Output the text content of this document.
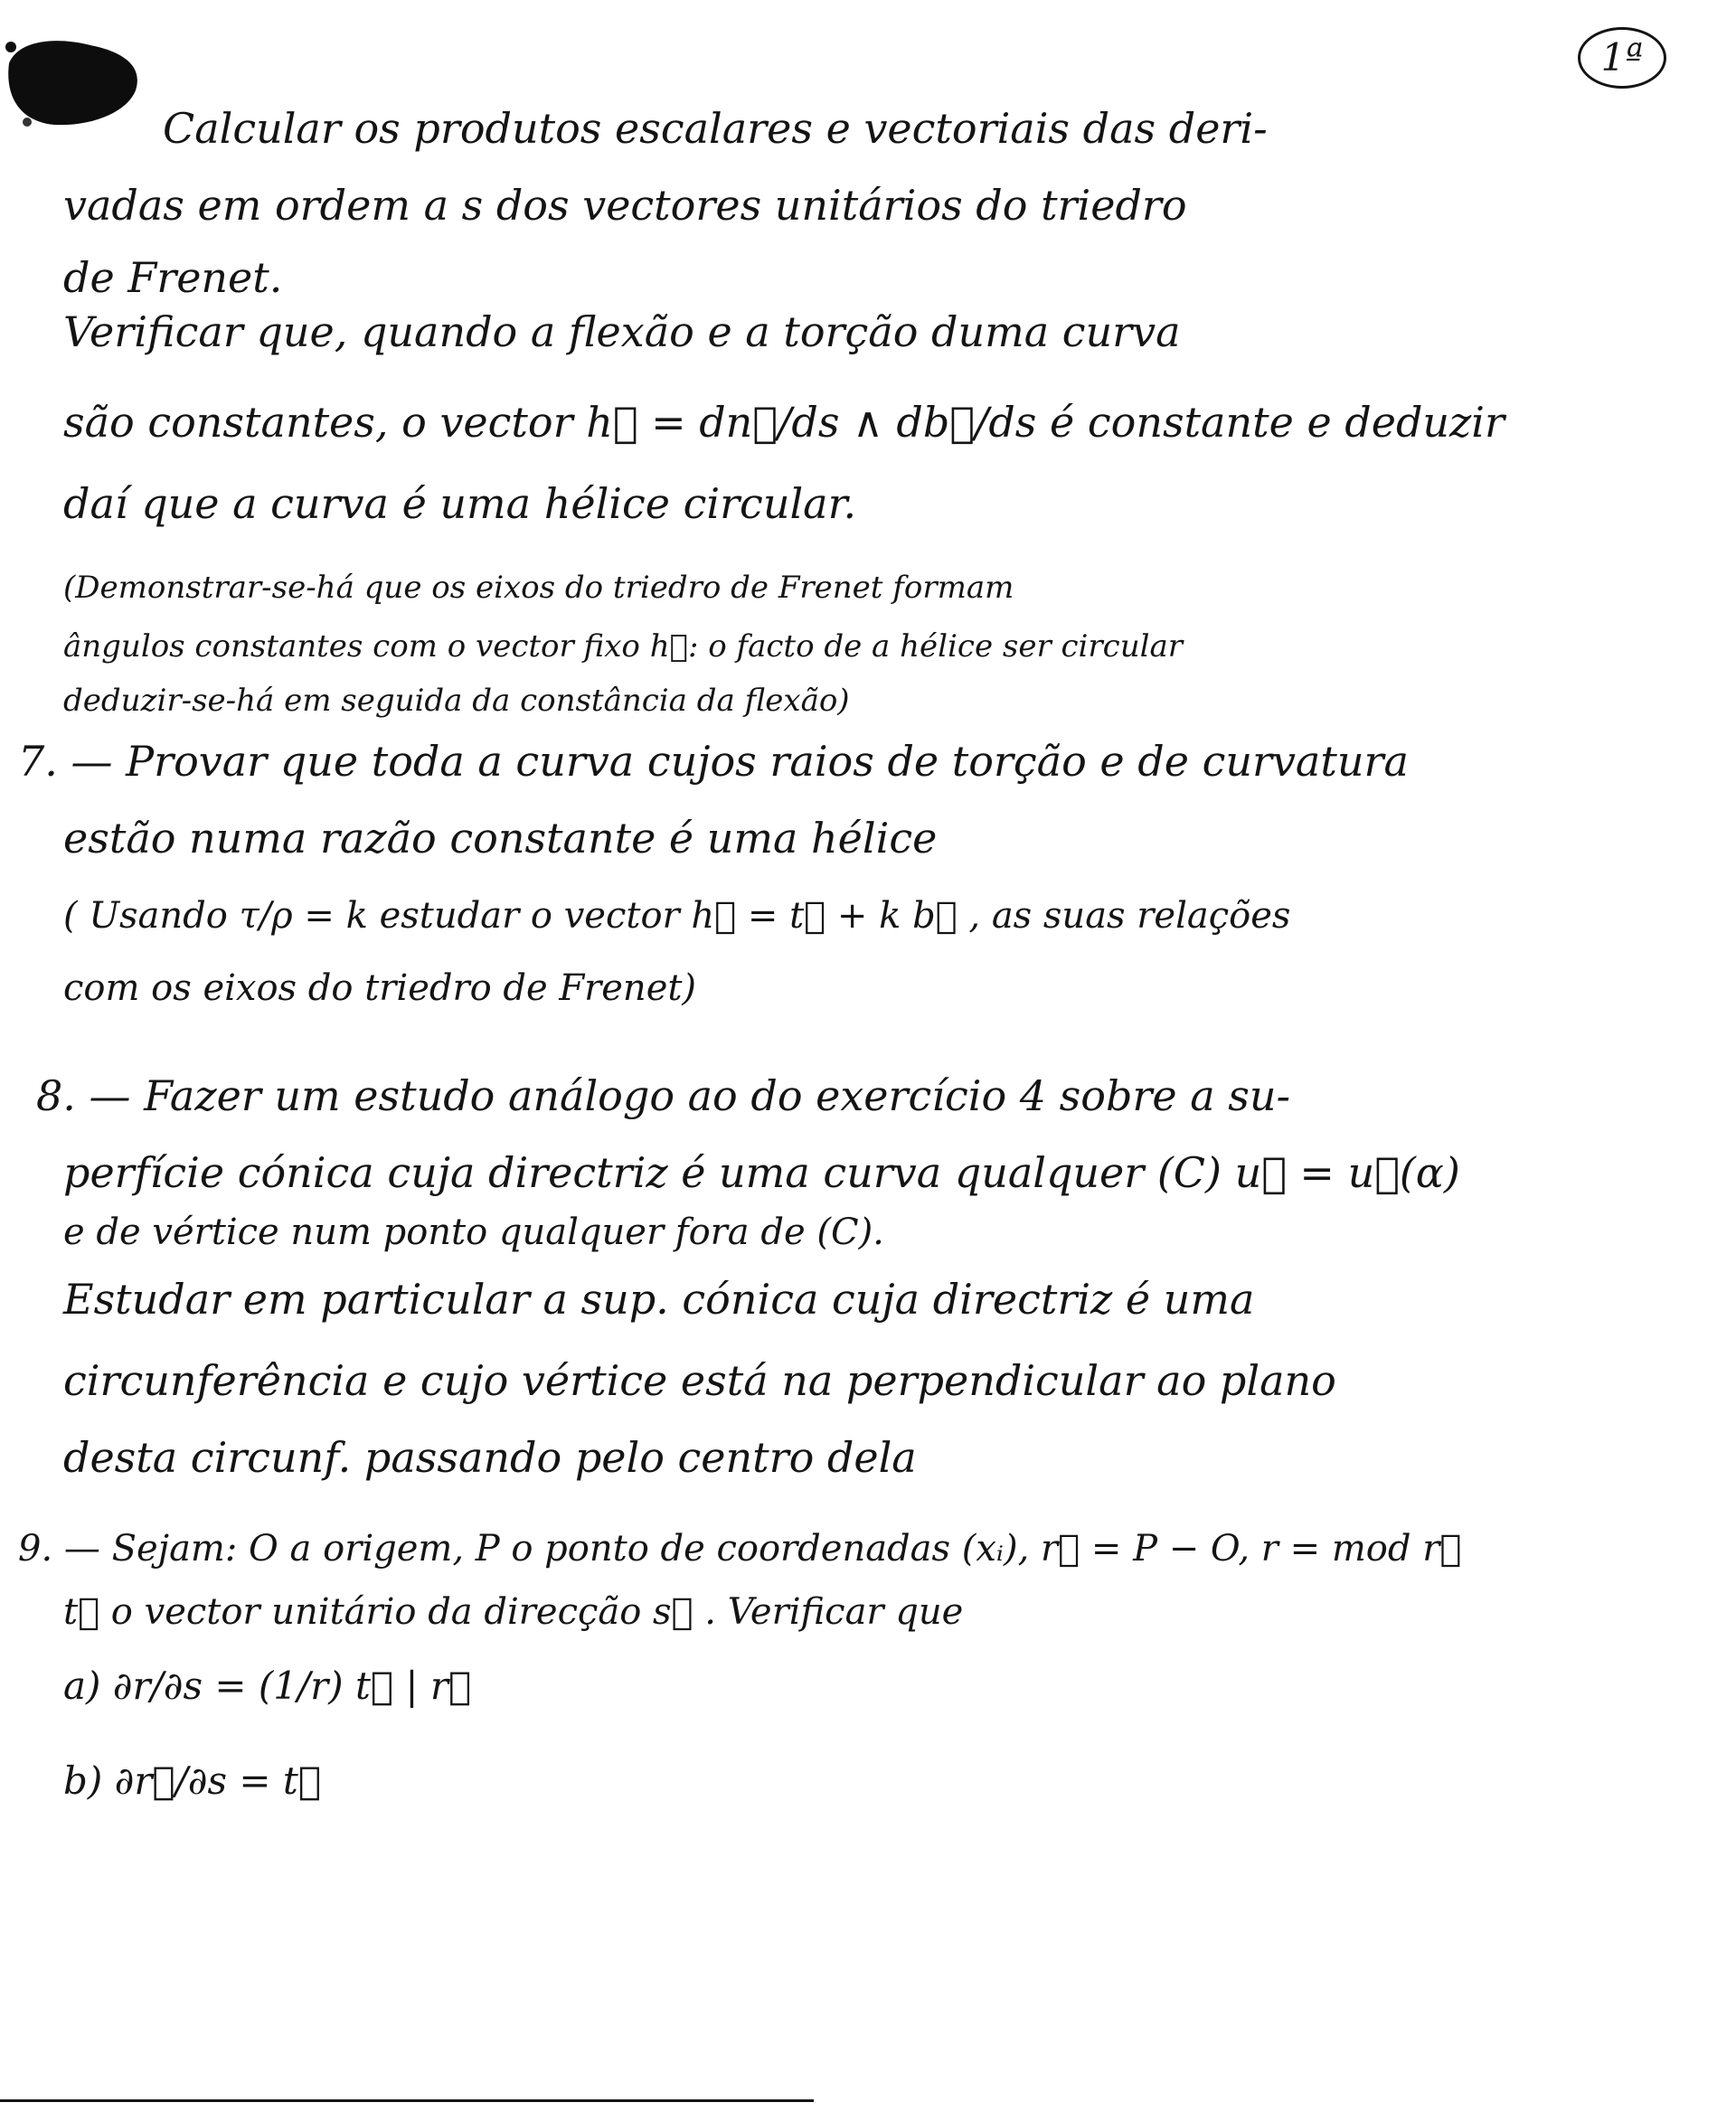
1ª
Calcular os produtos escalares e vectoriais das deri-
vadas em ordem a s dos vectores unitários do triedro
de Frenet.
Verificar que, quando a flexão e a torção duma curva
são constantes, o vector h⃗ = dn⃗/ds ∧ db⃗/ds é constante e deduzir
daí que a curva é uma hélice circular.
(Demonstrar-se-há que os eixos do triedro de Frenet formam
ângulos constantes com o vector fixo h⃗: o facto de a hélice ser circular
deduzir-se-há em seguida da constância da flexão)
7. — Provar que toda a curva cujos raios de torção e de curvatura
estão numa razão constante é uma hélice
( Usando τ/ρ = k estudar o vector h⃗ = t⃗ + k b⃗ , as suas relações
com os eixos do triedro de Frenet)
8. — Fazer um estudo análogo ao do exercício 4 sobre a su-
perfície cónica cuja directriz é uma curva qualquer (C) u⃗ = u⃗(α)
e de vértice num ponto qualquer fora de (C).
Estudar em particular a sup. cónica cuja directriz é uma
circunferência e cujo vértice está na perpendicular ao plano
desta circunf. passando pelo centro dela
9. — Sejam: O a origem, P o ponto de coordenadas (xᵢ), r⃗ = P − O, r = mod r⃗
t⃗ o vector unitário da direcção s⃗ . Verificar que
a) ∂r/∂s = (1/r) t⃗ | r⃗
b) ∂r⃗/∂s = t⃗
